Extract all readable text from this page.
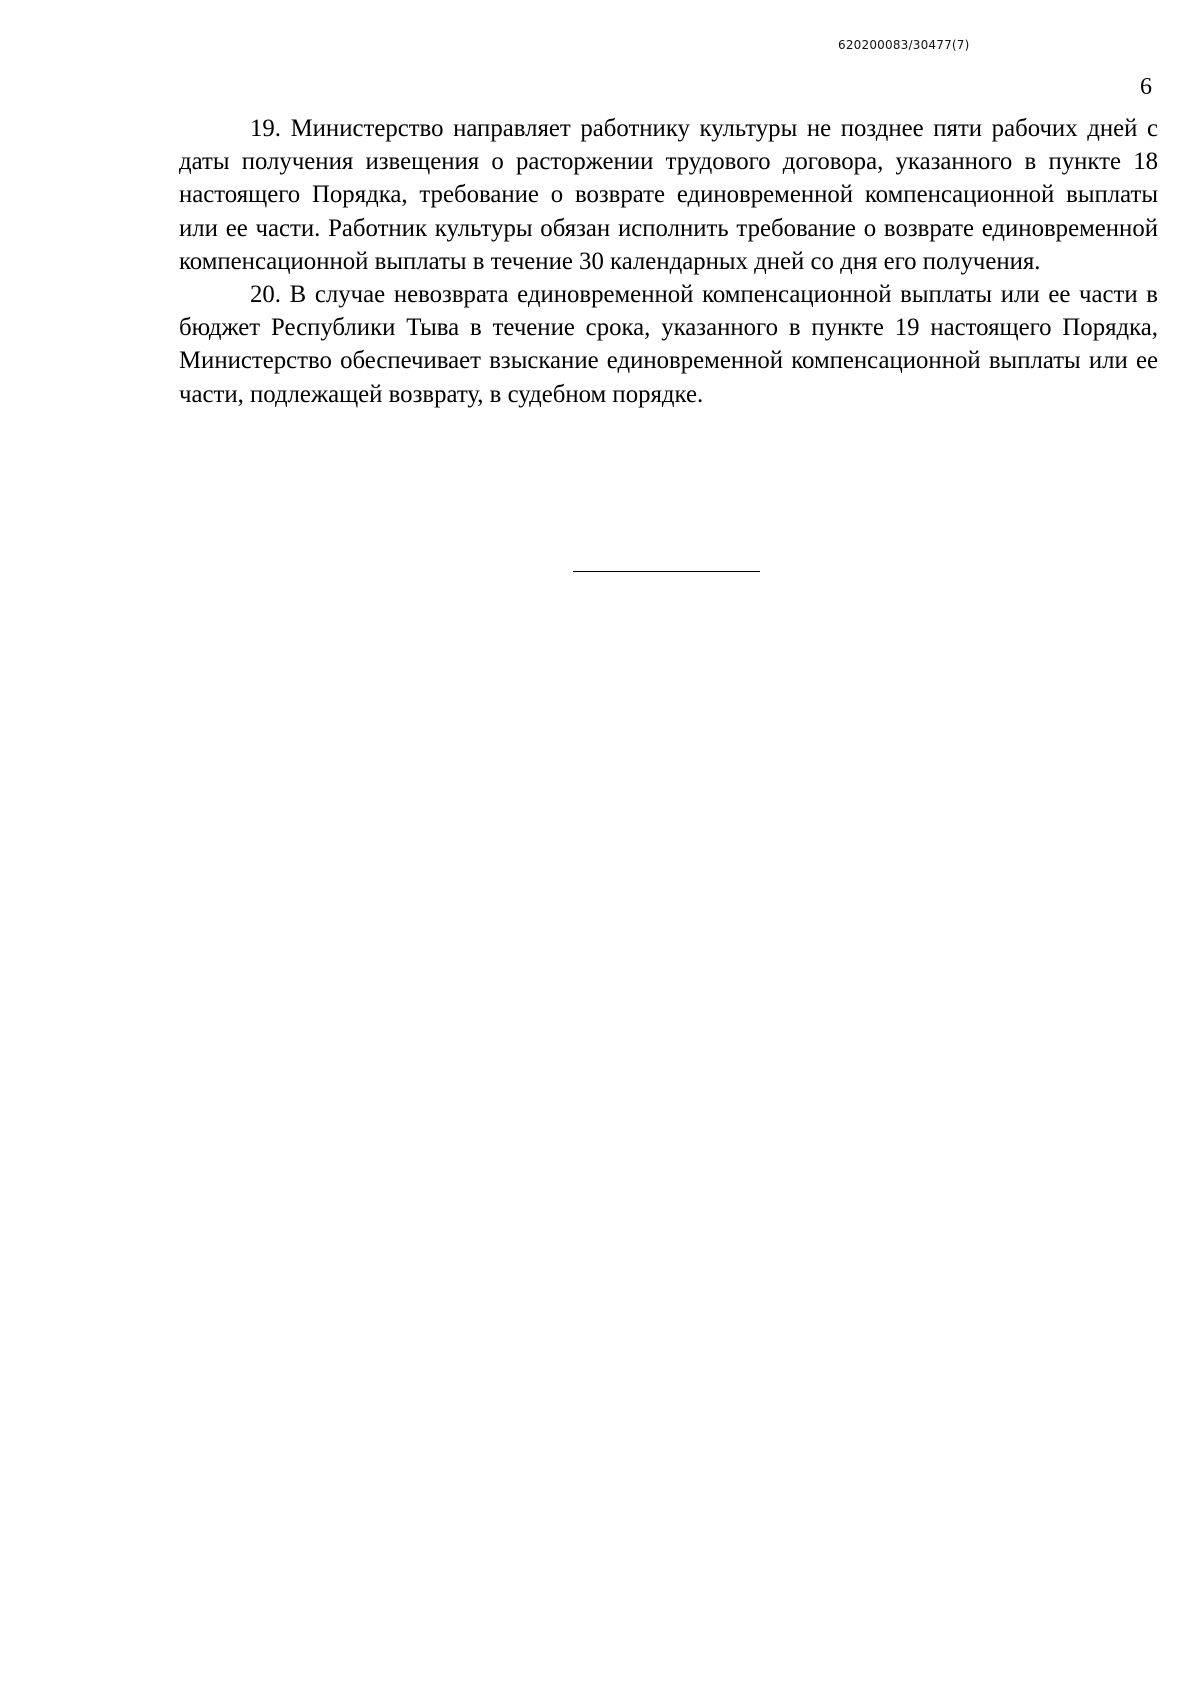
620200083/30477(7)
6

19. Министерство направляет работнику культуры не позднее пяти рабочих дней с даты получения извещения о расторжении трудового договора, указанного в пункте 18 настоящего Порядка, требование о возврате единовременной компенсационной выплаты или ее части. Работник культуры обязан исполнить требование о возврате единовременной компенсационной выплаты в течение 30 календарных дней со дня его получения.

20. В случае невозврата единовременной компенсационной выплаты или ее части в бюджет Республики Тыва в течение срока, указанного в пункте 19 настоящего Порядка, Министерство обеспечивает взыскание единовременной компенсационной выплаты или ее части, подлежащей возврату, в судебном порядке.
